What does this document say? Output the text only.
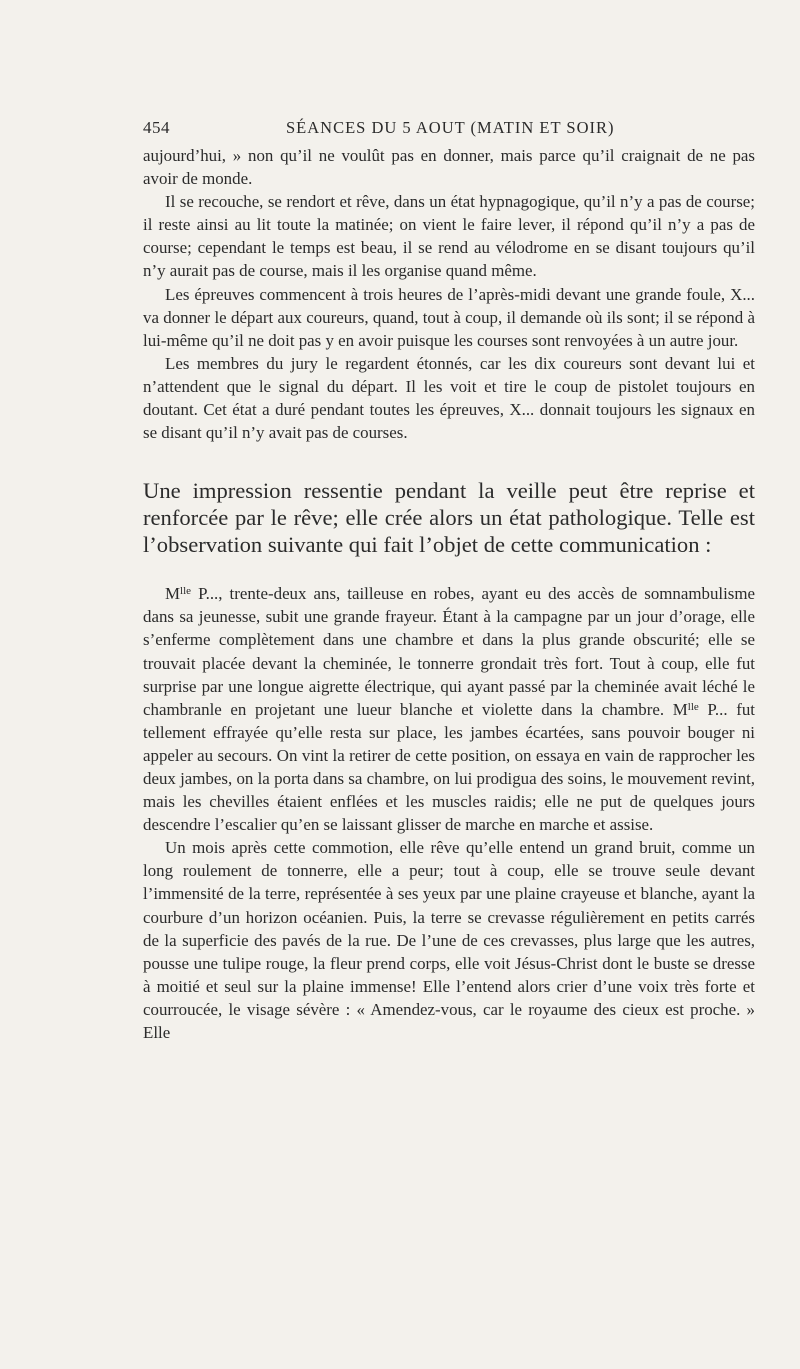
454	SÉANCES DU 5 AOUT (MATIN ET SOIR)

aujourd’hui, » non qu’il ne voulût pas en donner, mais parce qu’il craignait de ne pas avoir de monde.

Il se recouche, se rendort et rêve, dans un état hypnagogique, qu’il n’y a pas de course; il reste ainsi au lit toute la matinée; on vient le faire lever, il répond qu’il n’y a pas de course; cependant le temps est beau, il se rend au vélodrome en se disant toujours qu’il n’y aurait pas de course, mais il les organise quand même.

Les épreuves commencent à trois heures de l’après-midi devant une grande foule, X... va donner le départ aux coureurs, quand, tout à coup, il demande où ils sont; il se répond à lui-même qu’il ne doit pas y en avoir puisque les courses sont renvoyées à un autre jour.

Les membres du jury le regardent étonnés, car les dix coureurs sont devant lui et n’attendent que le signal du départ. Il les voit et tire le coup de pistolet toujours en doutant. Cet état a duré pendant toutes les épreuves, X... donnait toujours les signaux en se disant qu’il n’y avait pas de courses.

Une impression ressentie pendant la veille peut être reprise et renforcée par le rêve; elle crée alors un état pathologique. Telle est l’observation suivante qui fait l’objet de cette communication :

$M^{lle}$ P..., trente-deux ans, tailleuse en robes, ayant eu des accès de somnambulisme dans sa jeunesse, subit une grande frayeur. Étant à la campagne par un jour d’orage, elle s’enferme complètement dans une chambre et dans la plus grande obscurité; elle se trouvait placée devant la cheminée, le tonnerre grondait très fort. Tout à coup, elle fut surprise par une longue aigrette électrique, qui ayant passé par la cheminée avait léché le chambranle en projetant une lueur blanche et violette dans la chambre. $M^{lle}$ P... fut tellement effrayée qu’elle resta sur place, les jambes écartées, sans pouvoir bouger ni appeler au secours. On vint la retirer de cette position, on essaya en vain de rapprocher les deux jambes, on la porta dans sa chambre, on lui prodigua des soins, le mouvement revint, mais les chevilles étaient enflées et les muscles raidis; elle ne put de quelques jours descendre l’escalier qu’en se laissant glisser de marche en marche et assise.

Un mois après cette commotion, elle rêve qu’elle entend un grand bruit, comme un long roulement de tonnerre, elle a peur; tout à coup, elle se trouve seule devant l’immensité de la terre, représentée à ses yeux par une plaine crayeuse et blanche, ayant la courbure d’un horizon océanien. Puis, la terre se crevasse régulièrement en petits carrés de la superficie des pavés de la rue. De l’une de ces crevasses, plus large que les autres, pousse une tulipe rouge, la fleur prend corps, elle voit Jésus-Christ dont le buste se dresse à moitié et seul sur la plaine immense! Elle l’entend alors crier d’une voix très forte et courroucée, le visage sévère : « Amendez-vous, car le royaume des cieux est proche. » Elle
